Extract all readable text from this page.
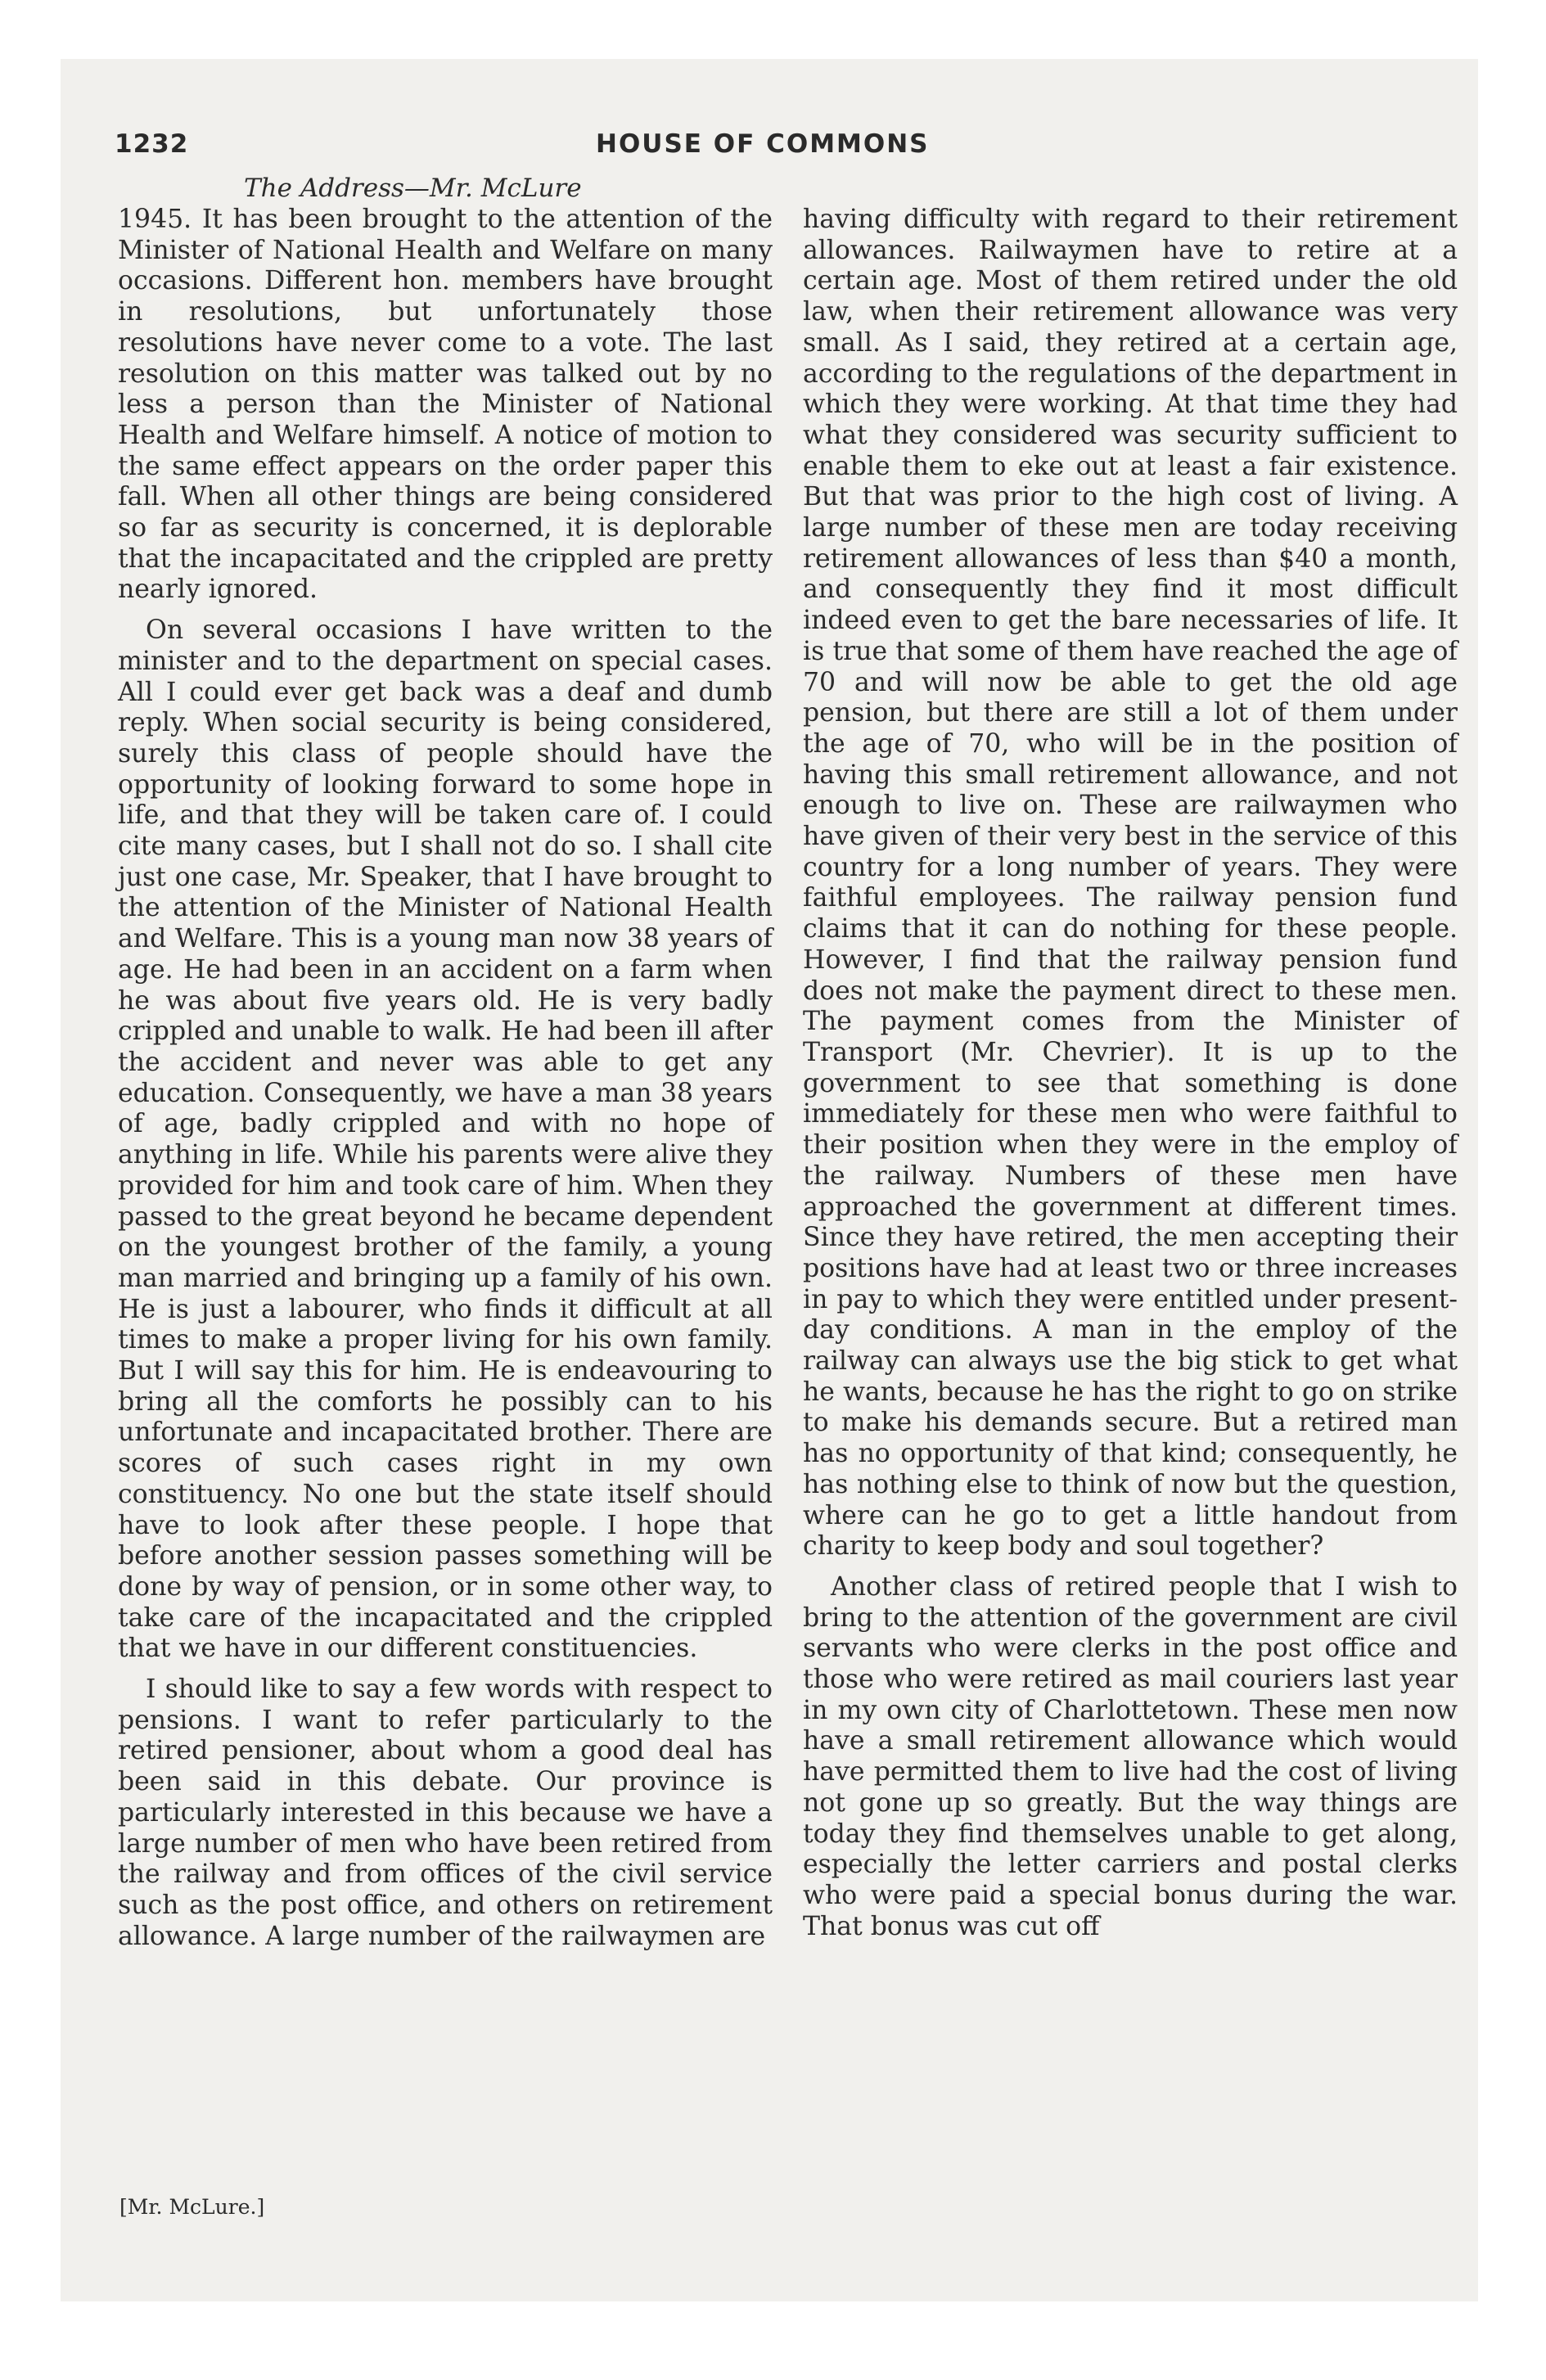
1232	HOUSE OF COMMONS
The Address—Mr. McLure

1945. It has been brought to the attention of the Minister of National Health and Welfare on many occasions. Different hon. members have brought in resolutions, but unfortunately those resolutions have never come to a vote. The last resolution on this matter was talked out by no less a person than the Minister of National Health and Welfare himself. A notice of motion to the same effect appears on the order paper this fall. When all other things are being considered so far as security is concerned, it is deplorable that the incapacitated and the crippled are pretty nearly ignored.

On several occasions I have written to the minister and to the department on special cases. All I could ever get back was a deaf and dumb reply. When social security is being considered, surely this class of people should have the opportunity of looking forward to some hope in life, and that they will be taken care of. I could cite many cases, but I shall not do so. I shall cite just one case, Mr. Speaker, that I have brought to the attention of the Minister of National Health and Welfare. This is a young man now 38 years of age. He had been in an accident on a farm when he was about five years old. He is very badly crippled and unable to walk. He had been ill after the accident and never was able to get any education. Consequently, we have a man 38 years of age, badly crippled and with no hope of anything in life. While his parents were alive they provided for him and took care of him. When they passed to the great beyond he became dependent on the youngest brother of the family, a young man married and bringing up a family of his own. He is just a labourer, who finds it difficult at all times to make a proper living for his own family. But I will say this for him. He is endeavouring to bring all the comforts he possibly can to his unfortunate and incapacitated brother. There are scores of such cases right in my own constituency. No one but the state itself should have to look after these people. I hope that before another session passes something will be done by way of pension, or in some other way, to take care of the incapacitated and the crippled that we have in our different constituencies.

I should like to say a few words with respect to pensions. I want to refer particularly to the retired pensioner, about whom a good deal has been said in this debate. Our province is particularly interested in this because we have a large number of men who have been retired from the railway and from offices of the civil service such as the post office, and others on retirement allowance. A large number of the railwaymen are

having difficulty with regard to their retirement allowances. Railwaymen have to retire at a certain age. Most of them retired under the old law, when their retirement allowance was very small. As I said, they retired at a certain age, according to the regulations of the department in which they were working. At that time they had what they considered was security sufficient to enable them to eke out at least a fair existence. But that was prior to the high cost of living. A large number of these men are today receiving retirement allowances of less than $40 a month, and consequently they find it most difficult indeed even to get the bare necessaries of life. It is true that some of them have reached the age of 70 and will now be able to get the old age pension, but there are still a lot of them under the age of 70, who will be in the position of having this small retirement allowance, and not enough to live on. These are railwaymen who have given of their very best in the service of this country for a long number of years. They were faithful employees. The railway pension fund claims that it can do nothing for these people. However, I find that the railway pension fund does not make the payment direct to these men. The payment comes from the Minister of Transport (Mr. Chevrier). It is up to the government to see that something is done immediately for these men who were faithful to their position when they were in the employ of the railway. Numbers of these men have approached the government at different times. Since they have retired, the men accepting their positions have had at least two or three increases in pay to which they were entitled under present-day conditions. A man in the employ of the railway can always use the big stick to get what he wants, because he has the right to go on strike to make his demands secure. But a retired man has no opportunity of that kind; consequently, he has nothing else to think of now but the question, where can he go to get a little handout from charity to keep body and soul together?

Another class of retired people that I wish to bring to the attention of the government are civil servants who were clerks in the post office and those who were retired as mail couriers last year in my own city of Charlottetown. These men now have a small retirement allowance which would have permitted them to live had the cost of living not gone up so greatly. But the way things are today they find themselves unable to get along, especially the letter carriers and postal clerks who were paid a special bonus during the war. That bonus was cut off

[Mr. McLure.]
